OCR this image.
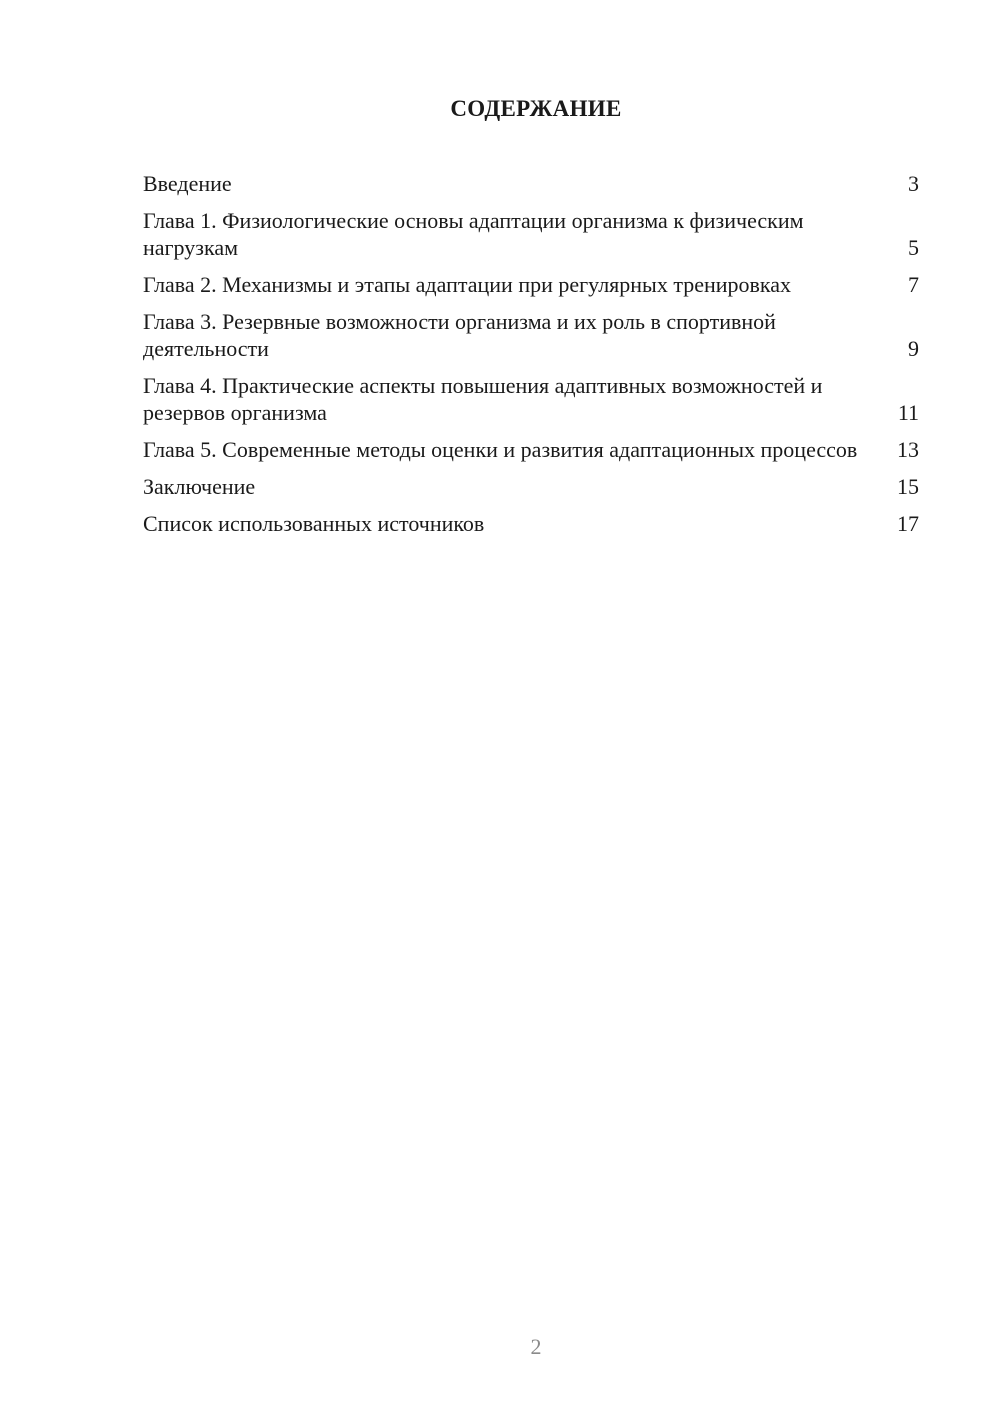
СОДЕРЖАНИЕ
Введение	3
Глава 1. Физиологические основы адаптации организма к физическим нагрузкам	5
Глава 2. Механизмы и этапы адаптации при регулярных тренировках	7
Глава 3. Резервные возможности организма и их роль в спортивной деятельности	9
Глава 4. Практические аспекты повышения адаптивных возможностей и резервов организма	11
Глава 5. Современные методы оценки и развития адаптационных процессов 13
Заключение	15
Список использованных источников	17
2
